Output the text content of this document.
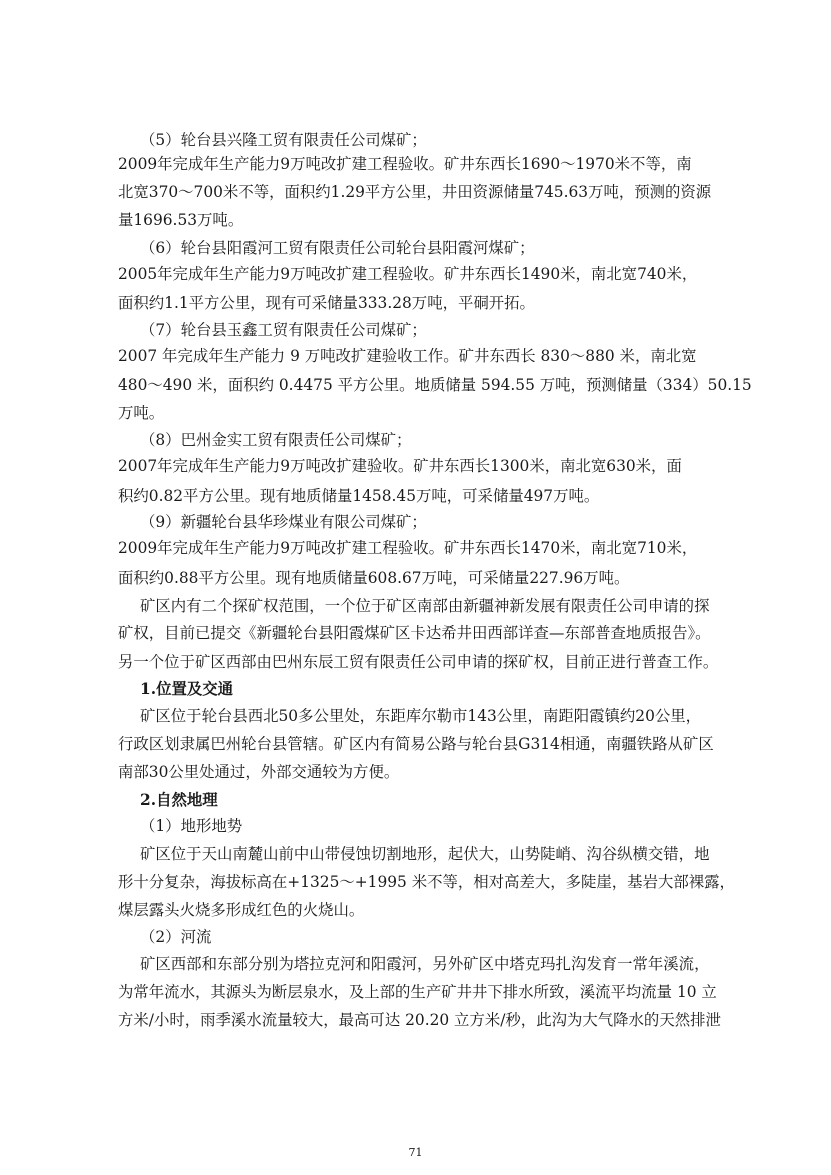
（5）轮台县兴隆工贸有限责任公司煤矿；
2009年完成年生产能力9万吨改扩建工程验收。矿井东西长1690～1970米不等，南
北宽370～700米不等，面积约1.29平方公里，井田资源储量745.63万吨，预测的资源
量1696.53万吨。
（6）轮台县阳霞河工贸有限责任公司轮台县阳霞河煤矿；
2005年完成年生产能力9万吨改扩建工程验收。矿井东西长1490米，南北宽740米，
面积约1.1平方公里，现有可采储量333.28万吨，平硐开拓。
（7）轮台县玉鑫工贸有限责任公司煤矿；
2007 年完成年生产能力 9 万吨改扩建验收工作。矿井东西长 830～880 米，南北宽
480～490 米，面积约 0.4475 平方公里。地质储量 594.55 万吨，预测储量（334）50.15
万吨。
（8）巴州金实工贸有限责任公司煤矿；
2007年完成年生产能力9万吨改扩建验收。矿井东西长1300米，南北宽630米，面
积约0.82平方公里。现有地质储量1458.45万吨，可采储量497万吨。
（9）新疆轮台县华珍煤业有限公司煤矿；
2009年完成年生产能力9万吨改扩建工程验收。矿井东西长1470米，南北宽710米，
面积约0.88平方公里。现有地质储量608.67万吨，可采储量227.96万吨。
矿区内有二个探矿权范围，一个位于矿区南部由新疆神新发展有限责任公司申请的探
矿权，目前已提交《新疆轮台县阳霞煤矿区卡达希井田西部详查—东部普查地质报告》。
另一个位于矿区西部由巴州东辰工贸有限责任公司申请的探矿权，目前正进行普查工作。
1.位置及交通
矿区位于轮台县西北50多公里处，东距库尔勒市143公里，南距阳霞镇约20公里，
行政区划隶属巴州轮台县管辖。矿区内有简易公路与轮台县G314相通，南疆铁路从矿区
南部30公里处通过，外部交通较为方便。
2.自然地理
（1）地形地势
矿区位于天山南麓山前中山带侵蚀切割地形，起伏大，山势陡峭、沟谷纵横交错，地
形十分复杂，海拔标高在+1325～+1995 米不等，相对高差大，多陡崖，基岩大部裸露，
煤层露头火烧多形成红色的火烧山。
（2）河流
矿区西部和东部分别为塔拉克河和阳霞河，另外矿区中塔克玛扎沟发育一常年溪流，
为常年流水，其源头为断层泉水，及上部的生产矿井井下排水所致，溪流平均流量 10 立
方米/小时，雨季溪水流量较大，最高可达 20.20 立方米/秒，此沟为大气降水的天然排泄
71
